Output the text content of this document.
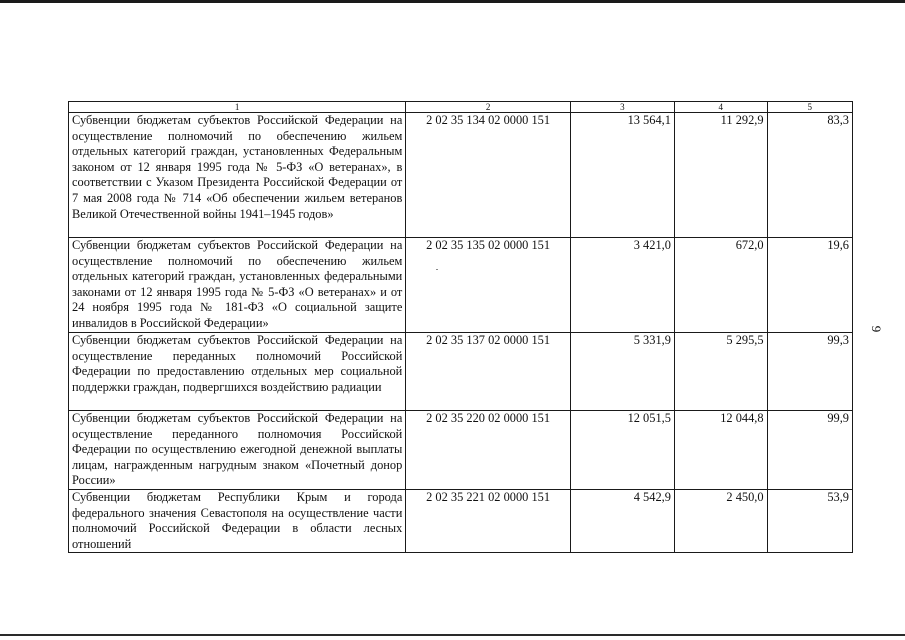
1	2	3	4	5
Субвенции бюджетам субъектов Российской Федерации на осуществление полномочий по обеспечению жильем отдельных категорий граждан, установленных Федеральным законом от 12 января 1995 года № 5-ФЗ «О ветеранах», в соответствии с Указом Президента Российской Федерации от 7 мая 2008 года № 714 «Об обеспечении жильем ветеранов Великой Отечественной войны 1941–1945 годов»	2 02 35 134 02 0000 151	13 564,1	11 292,9	83,3
Субвенции бюджетам субъектов Российской Федерации на осуществление полномочий по обеспечению жильем отдельных категорий граждан, установленных федеральными законами от 12 января 1995 года № 5-ФЗ «О ветеранах» и от 24 ноября 1995 года № 181-ФЗ «О социальной защите инвалидов в Российской Федерации»	2 02 35 135 02 0000 151	3 421,0	672,0	19,6
Субвенции бюджетам субъектов Российской Федерации на осуществление переданных полномочий Российской Федерации по предоставлению отдельных мер социальной поддержки граждан, подвергшихся воздействию радиации	2 02 35 137 02 0000 151	5 331,9	5 295,5	99,3
Субвенции бюджетам субъектов Российской Федерации на осуществление переданного полномочия Российской Федерации по осуществлению ежегодной денежной выплаты лицам, награжденным нагрудным знаком «Почетный донор России»	2 02 35 220 02 0000 151	12 051,5	12 044,8	99,9
Субвенции бюджетам Республики Крым и города федерального значения Севастополя на осуществление части полномочий Российской Федерации в области лесных отношений	2 02 35 221 02 0000 151	4 542,9	2 450,0	53,9
9
